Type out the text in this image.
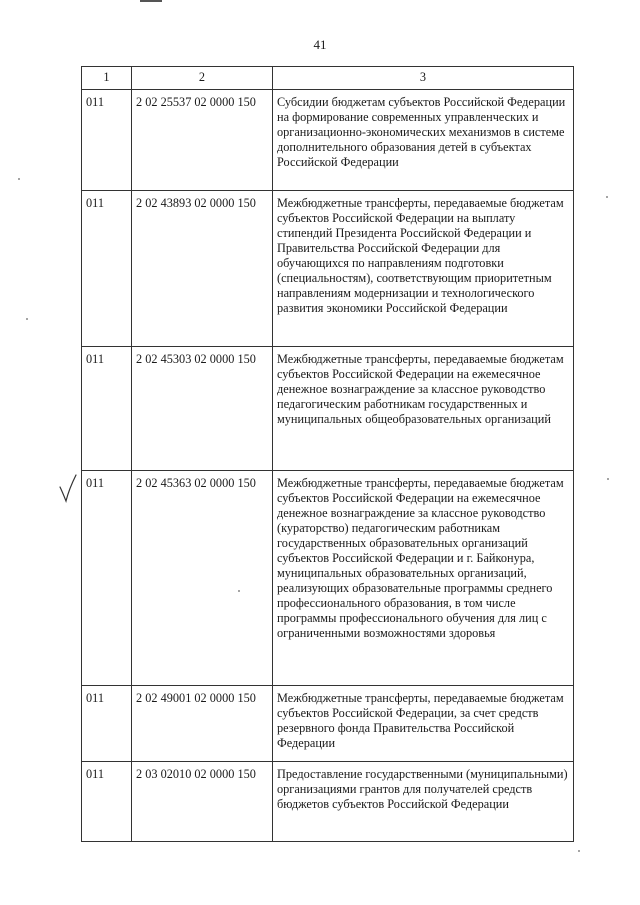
41
1	2	3
011	2 02 25537 02 0000 150	Субсидии бюджетам субъектов Российской Федерации на формирование современных управленческих и организационно-экономических механизмов в системе дополнительного образования детей в субъектах Российской Федерации
011	2 02 43893 02 0000 150	Межбюджетные трансферты, передаваемые бюджетам субъектов Российской Федерации на выплату стипендий Президента Российской Федерации и Правительства Российской Федерации для обучающихся по направлениям подготовки (специальностям), соответствующим приоритетным направлениям модернизации и технологического развития экономики Российской Федерации
011	2 02 45303 02 0000 150	Межбюджетные трансферты, передаваемые бюджетам субъектов Российской Федерации на ежемесячное денежное вознаграждение за классное руководство педагогическим работникам государственных и муниципальных общеобразовательных организаций
011	2 02 45363 02 0000 150	Межбюджетные трансферты, передаваемые бюджетам субъектов Российской Федерации на ежемесячное денежное вознаграждение за классное руководство (кураторство) педагогическим работникам государственных образовательных организаций субъектов Российской Федерации и г. Байконура, муниципальных образовательных организаций, реализующих образовательные программы среднего профессионального образования, в том числе программы профессионального обучения для лиц с ограниченными возможностями здоровья
011	2 02 49001 02 0000 150	Межбюджетные трансферты, передаваемые бюджетам субъектов Российской Федерации, за счет средств резервного фонда Правительства Российской Федерации
011	2 03 02010 02 0000 150	Предоставление государственными (муниципальными) организациями грантов для получателей средств бюджетов субъектов Российской Федерации
